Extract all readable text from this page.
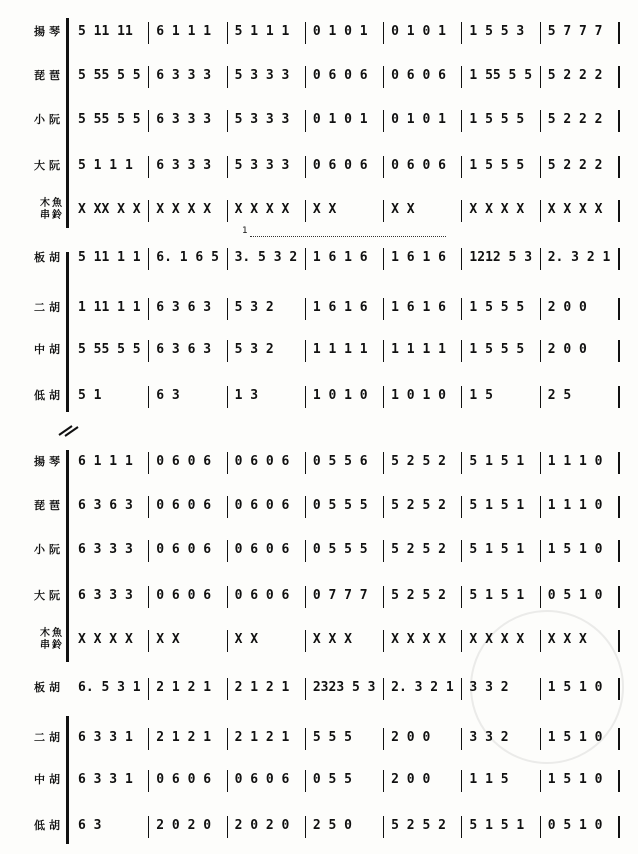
揚琴	5 11 11	6 1 1 1	5 1 1 1	0 1 0 1	0 1 0 1	1 5 5 3	5 7 7 7
琵琶	5 55 5 5	6 3 3 3	5 3 3 3	0 6 0 6	0 6 0 6	1 55 5 5	5 2 2 2
小阮	5 55 5 5	6 3 3 3	5 3 3 3	0 1 0 1	0 1 0 1	1 5 5 5	5 2 2 2
大阮	5 1 1 1	6 3 3 3	5 3 3 3	0 6 0 6	0 6 0 6	1 5 5 5	5 2 2 2
木魚
串鈴	X XX X X	X X X X	X X X X	X X	X X	X X X X	X X X X
板胡	5 11 1 1	6. 1 6 5	3. 5 3 2	1 6 1 6	1 6 1 6	1212 5 3	2. 3 2 1
二胡	1 11 1 1	6 3 6 3	5 3 2	1 6 1 6	1 6 1 6	1 5 5 5	2 0 0
中胡	5 55 5 5	6 3 6 3	5 3 2	1 1 1 1	1 1 1 1	1 5 5 5	2 0 0
低胡	5 1	6 3	1 3	1 0 1 0	1 0 1 0	1 5	2 5
1
揚琴	6 1 1 1	0 6 0 6	0 6 0 6	0 5 5 6	5 2 5 2	5 1 5 1	1 1 1 0
琵琶	6 3 6 3	0 6 0 6	0 6 0 6	0 5 5 5	5 2 5 2	5 1 5 1	1 1 1 0
小阮	6 3 3 3	0 6 0 6	0 6 0 6	0 5 5 5	5 2 5 2	5 1 5 1	1 5 1 0
大阮	6 3 3 3	0 6 0 6	0 6 0 6	0 7 7 7	5 2 5 2	5 1 5 1	0 5 1 0
木魚
串鈴	X X X X	X X	X X	X X X	X X X X	X X X X	X X X
板胡	6. 5 3 1	2 1 2 1	2 1 2 1	2323 5 3	2. 3 2 1	3 3 2	1 5 1 0
二胡	6 3 3 1	2 1 2 1	2 1 2 1	5 5 5	2 0 0	3 3 2	1 5 1 0
中胡	6 3 3 1	0 6 0 6	0 6 0 6	0 5 5	2 0 0	1 1 5	1 5 1 0
低胡	6 3	2 0 2 0	2 0 2 0	2 5 0	5 2 5 2	5 1 5 1	0 5 1 0
